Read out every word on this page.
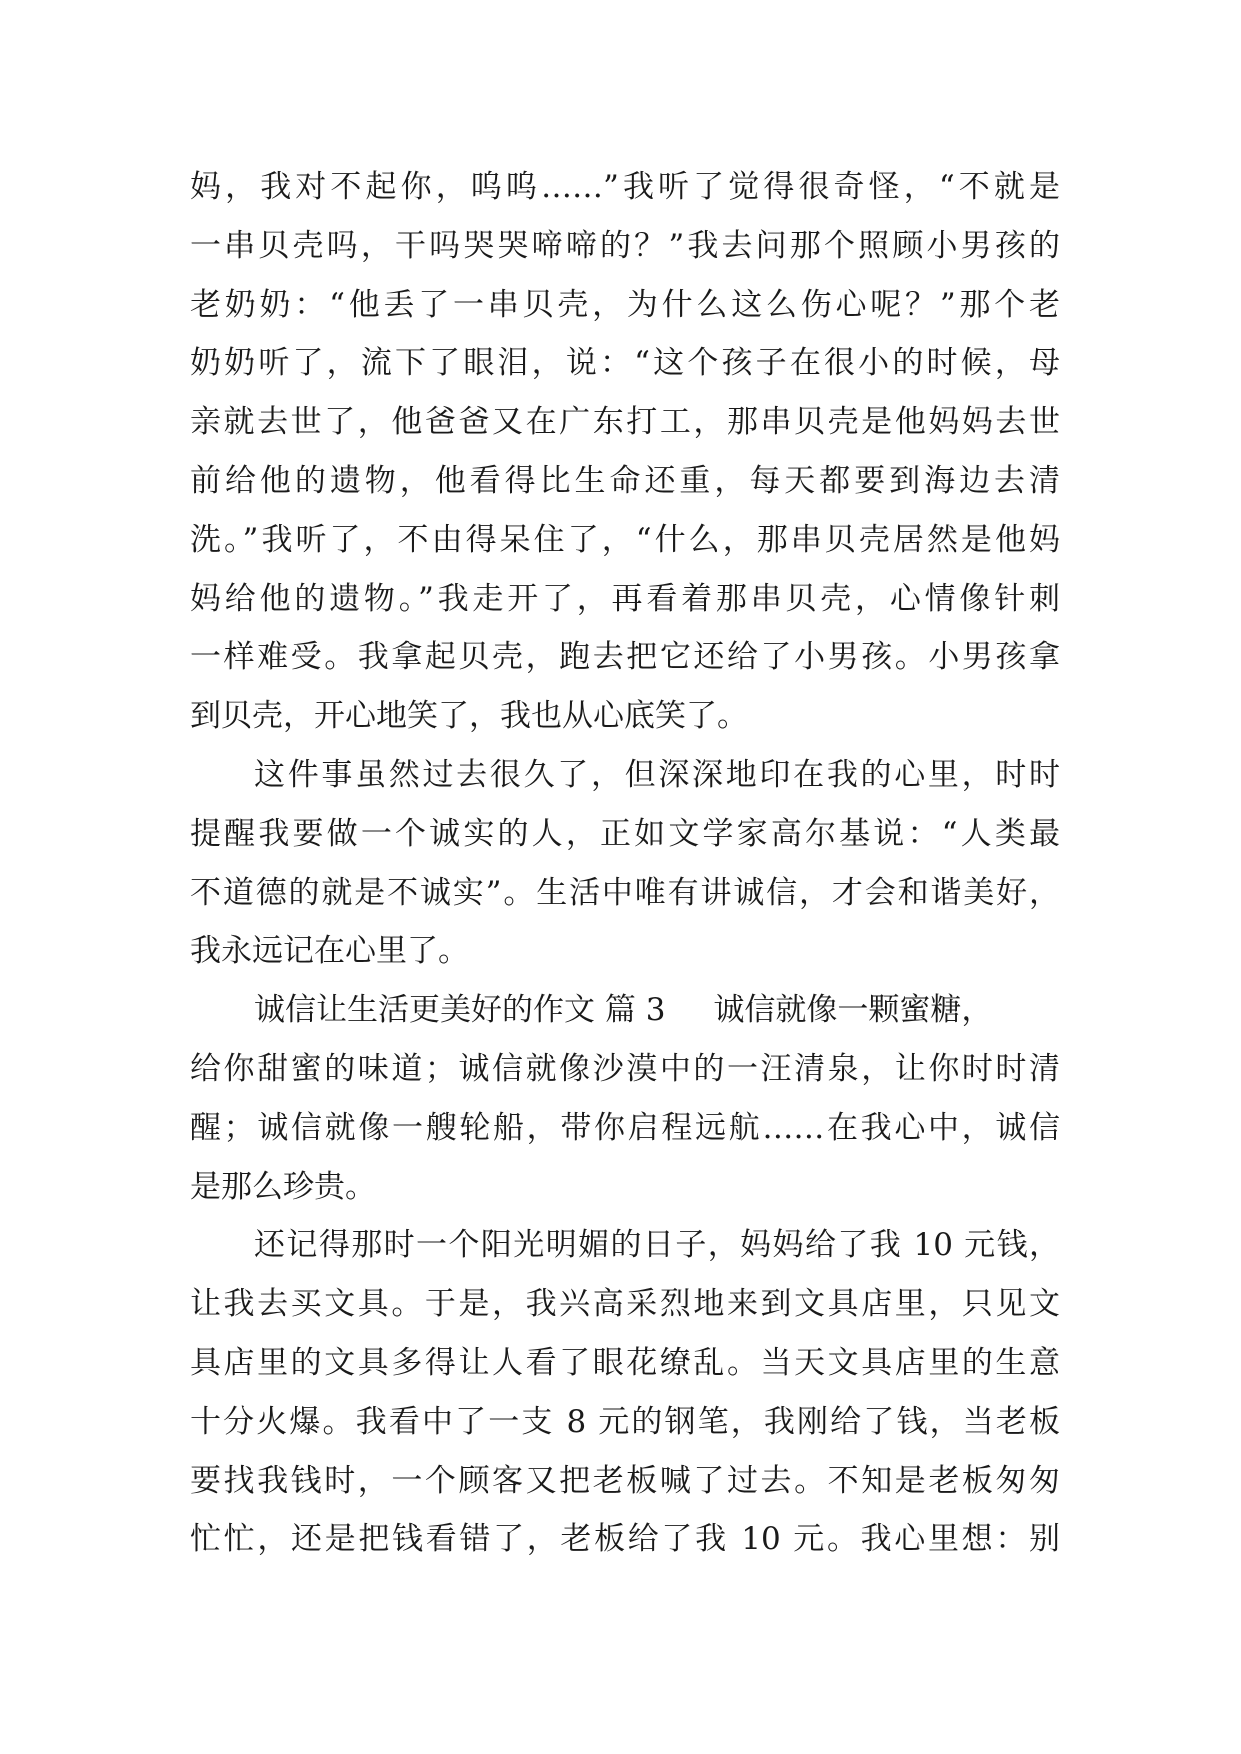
妈，我对不起你，呜呜……”我听了觉得很奇怪，“不就是
一串贝壳吗，干吗哭哭啼啼的？”我去问那个照顾小男孩的
老奶奶：“他丢了一串贝壳，为什么这么伤心呢？”那个老
奶奶听了，流下了眼泪，说：“这个孩子在很小的时候，母
亲就去世了，他爸爸又在广东打工，那串贝壳是他妈妈去世
前给他的遗物，他看得比生命还重，每天都要到海边去清
洗。”我听了，不由得呆住了，“什么，那串贝壳居然是他妈
妈给他的遗物。”我走开了，再看着那串贝壳，心情像针刺
一样难受。我拿起贝壳，跑去把它还给了小男孩。小男孩拿
到贝壳，开心地笑了，我也从心底笑了。
这件事虽然过去很久了，但深深地印在我的心里，时时
提醒我要做一个诚实的人，正如文学家高尔基说：“人类最
不道德的就是不诚实”。生活中唯有讲诚信，才会和谐美好，
我永远记在心里了。
诚信让生活更美好的作文 篇 3 诚信就像一颗蜜糖，
给你甜蜜的味道；诚信就像沙漠中的一汪清泉，让你时时清
醒；诚信就像一艘轮船，带你启程远航……在我心中，诚信
是那么珍贵。
还记得那时一个阳光明媚的日子，妈妈给了我 10 元钱，
让我去买文具。于是，我兴高采烈地来到文具店里，只见文
具店里的文具多得让人看了眼花缭乱。当天文具店里的生意
十分火爆。我看中了一支 8 元的钢笔，我刚给了钱，当老板
要找我钱时，一个顾客又把老板喊了过去。不知是老板匆匆
忙忙，还是把钱看错了，老板给了我 10 元。我心里想：别
